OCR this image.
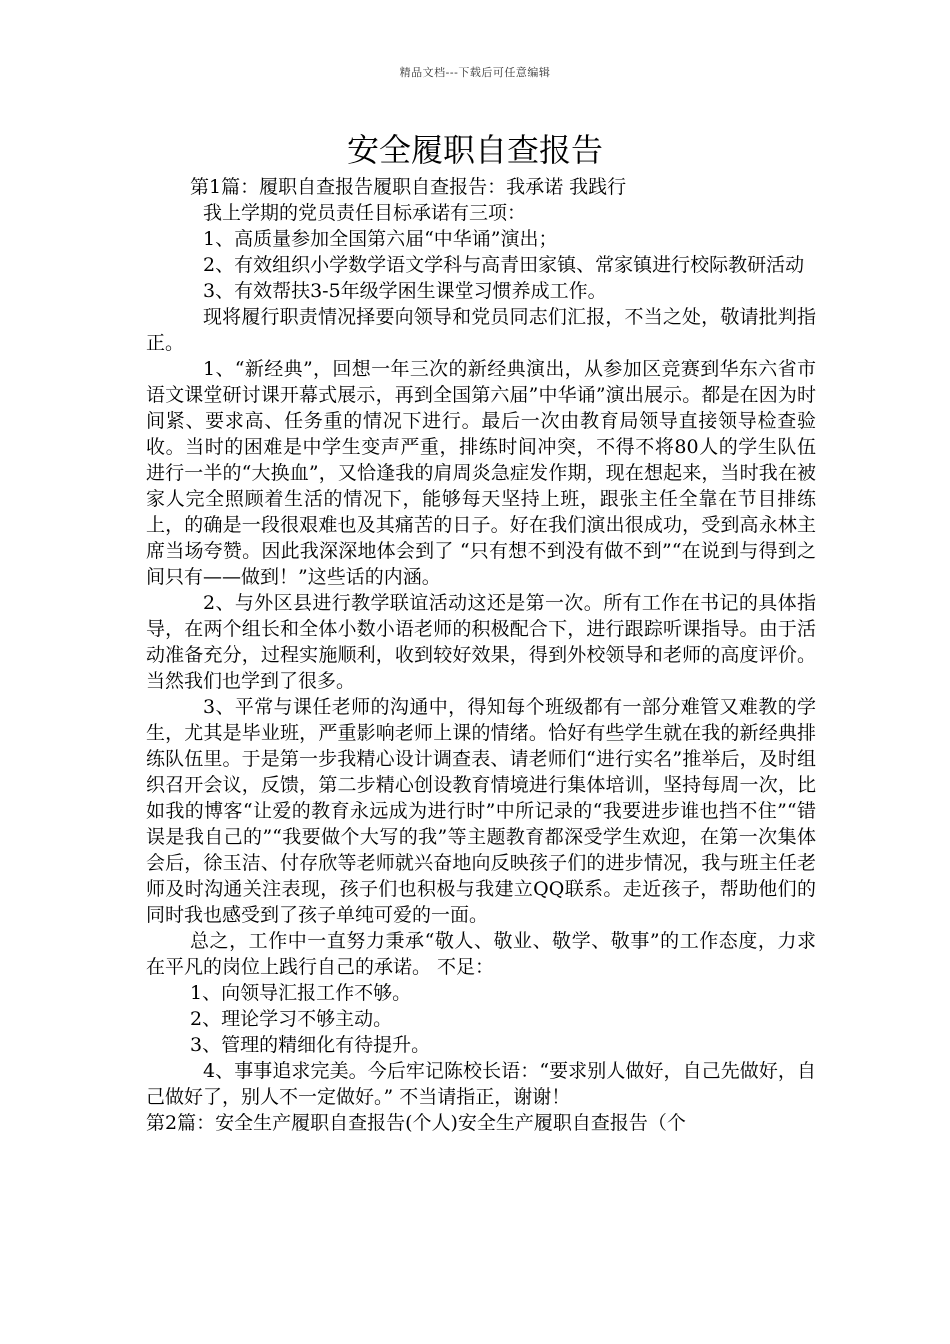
精品文档---下载后可任意编辑
安全履职自查报告

第1篇：履职自查报告履职自查报告：我承诺 我践行

我上学期的党员责任目标承诺有三项：

1、高质量参加全国第六届“中华诵”演出；

2、有效组织小学数学语文学科与高青田家镇、常家镇进行校际教研活动

3、有效帮扶3-5年级学困生课堂习惯养成工作。

现将履行职责情况择要向领导和党员同志们汇报，不当之处，敬请批判指正。

1、“新经典”，回想一年三次的新经典演出，从参加区竞赛到华东六省市语文课堂研讨课开幕式展示，再到全国第六届”中华诵”演出展示。都是在因为时间紧、要求高、任务重的情况下进行。最后一次由教育局领导直接领导检查验收。当时的困难是中学生变声严重，排练时间冲突，不得不将80人的学生队伍进行一半的“大换血”，又恰逢我的肩周炎急症发作期，现在想起来，当时我在被家人完全照顾着生活的情况下，能够每天坚持上班，跟张主任全靠在节目排练上，的确是一段很艰难也及其痛苦的日子。好在我们演出很成功，受到高永林主席当场夸赞。因此我深深地体会到了 “只有想不到没有做不到”“在说到与得到之间只有——做到！”这些话的内涵。

2、与外区县进行教学联谊活动这还是第一次。所有工作在书记的具体指导，在两个组长和全体小数小语老师的积极配合下，进行跟踪听课指导。由于活动准备充分，过程实施顺利，收到较好效果，得到外校领导和老师的高度评价。当然我们也学到了很多。

3、平常与课任老师的沟通中，得知每个班级都有一部分难管又难教的学生，尤其是毕业班，严重影响老师上课的情绪。恰好有些学生就在我的新经典排练队伍里。于是第一步我精心设计调查表、请老师们“进行实名”推举后，及时组织召开会议，反馈，第二步精心创设教育情境进行集体培训，坚持每周一次，比如我的博客“让爱的教育永远成为进行时”中所记录的“我要进步谁也挡不住”“错误是我自己的”“我要做个大写的我”等主题教育都深受学生欢迎，在第一次集体会后，徐玉洁、付存欣等老师就兴奋地向反映孩子们的进步情况，我与班主任老师及时沟通关注表现，孩子们也积极与我建立QQ联系。走近孩子，帮助他们的同时我也感受到了孩子单纯可爱的一面。

总之，工作中一直努力秉承“敬人、敬业、敬学、敬事”的工作态度，力求在平凡的岗位上践行自己的承诺。 不足：

1、向领导汇报工作不够。

2、理论学习不够主动。

3、管理的精细化有待提升。

4、事事追求完美。今后牢记陈校长语：“要求别人做好，自己先做好，自己做好了，别人不一定做好。” 不当请指正，谢谢！

第2篇：安全生产履职自查报告(个人)安全生产履职自查报告（个
